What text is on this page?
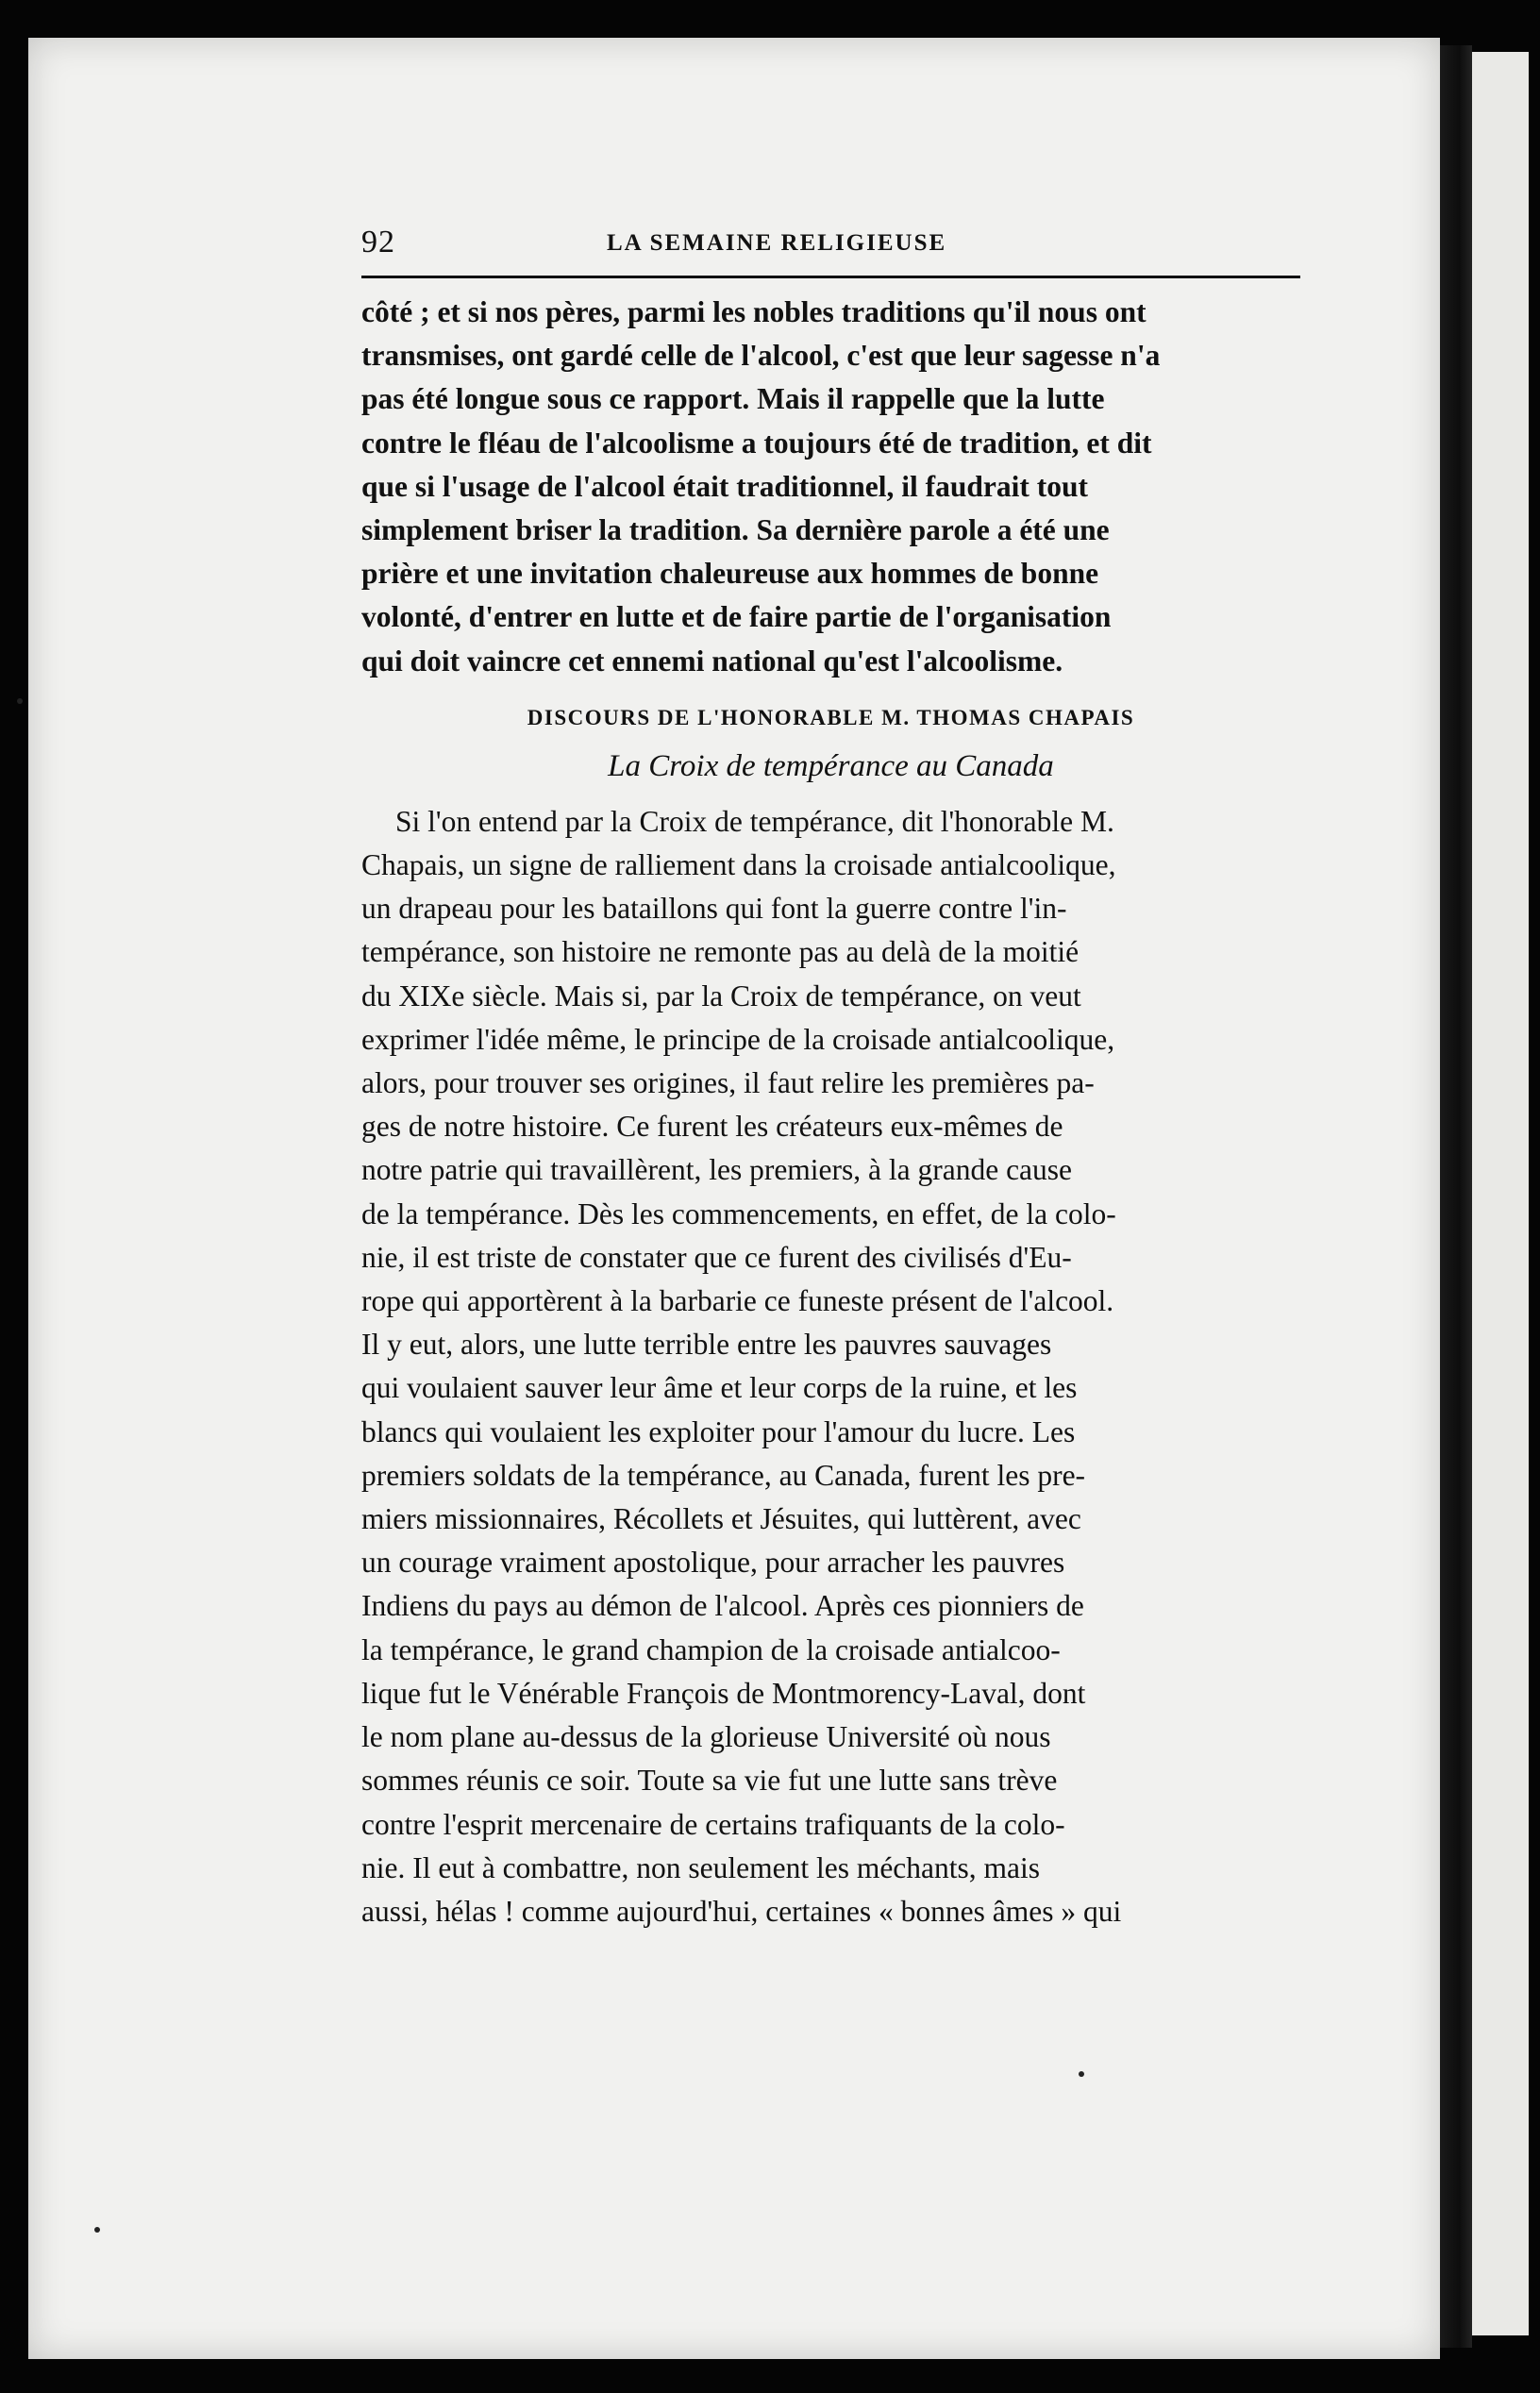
92	LA SEMAINE RELIGIEUSE

côté ; et si nos pères, parmi les nobles traditions qu'il nous ont
transmises, ont gardé celle de l'alcool, c'est que leur sagesse n'a
pas été longue sous ce rapport. Mais il rappelle que la lutte
contre le fléau de l'alcoolisme a toujours été de tradition, et dit
que si l'usage de l'alcool était traditionnel, il faudrait tout
simplement briser la tradition. Sa dernière parole a été une
prière et une invitation chaleureuse aux hommes de bonne
volonté, d'entrer en lutte et de faire partie de l'organisation
qui doit vaincre cet ennemi national qu'est l'alcoolisme.

DISCOURS DE L'HONORABLE M. THOMAS CHAPAIS
La Croix de tempérance au Canada

Si l'on entend par la Croix de tempérance, dit l'honorable M.
Chapais, un signe de ralliement dans la croisade antialcoolique,
un drapeau pour les bataillons qui font la guerre contre l'in-
tempérance, son histoire ne remonte pas au delà de la moitié
du XIXe siècle. Mais si, par la Croix de tempérance, on veut
exprimer l'idée même, le principe de la croisade antialcoolique,
alors, pour trouver ses origines, il faut relire les premières pa-
ges de notre histoire. Ce furent les créateurs eux-mêmes de
notre patrie qui travaillèrent, les premiers, à la grande cause
de la tempérance. Dès les commencements, en effet, de la colo-
nie, il est triste de constater que ce furent des civilisés d'Eu-
rope qui apportèrent à la barbarie ce funeste présent de l'alcool.
Il y eut, alors, une lutte terrible entre les pauvres sauvages
qui voulaient sauver leur âme et leur corps de la ruine, et les
blancs qui voulaient les exploiter pour l'amour du lucre. Les
premiers soldats de la tempérance, au Canada, furent les pre-
miers missionnaires, Récollets et Jésuites, qui luttèrent, avec
un courage vraiment apostolique, pour arracher les pauvres
Indiens du pays au démon de l'alcool. Après ces pionniers de
la tempérance, le grand champion de la croisade antialcoo-
lique fut le Vénérable François de Montmorency-Laval, dont
le nom plane au-dessus de la glorieuse Université où nous
sommes réunis ce soir. Toute sa vie fut une lutte sans trève
contre l'esprit mercenaire de certains trafiquants de la colo-
nie. Il eut à combattre, non seulement les méchants, mais
aussi, hélas ! comme aujourd'hui, certaines « bonnes âmes » qui
